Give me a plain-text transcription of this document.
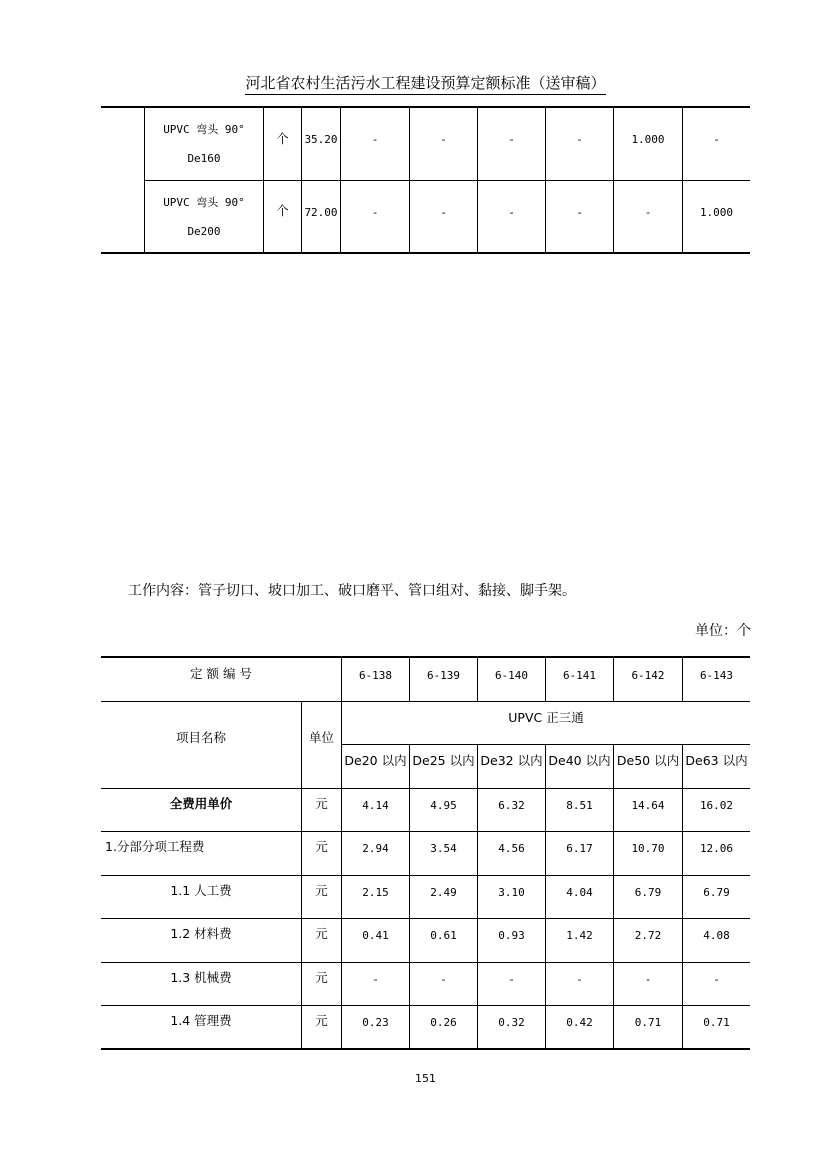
河北省农村生活污水工程建设预算定额标准（送审稿）
UPVC 弯头 90°
De160
个	35.20	-	-	-	-	1.000	-
UPVC 弯头 90°
De200
个	72.00	-	-	-	-	-	1.000
工作内容：管子切口、坡口加工、破口磨平、管口组对、黏接、脚手架。
单位：个
定 额 编 号	6-138	6-139	6-140	6-141	6-142	6-143
项目名称	单位
UPVC 正三通
De20 以内 De25 以内 De32 以内 De40 以内 De50 以内 De63 以内
全费用单价	元	4.14	4.95	6.32	8.51	14.64	16.02
1.分部分项工程费	元	2.94	3.54	4.56	6.17	10.70	12.06
1.1 人工费	元	2.15	2.49	3.10	4.04	6.79	6.79
1.2 材料费	元	0.41	0.61	0.93	1.42	2.72	4.08
1.3 机械费	元	-	-	-	-	-	-
1.4 管理费	元	0.23	0.26	0.32	0.42	0.71	0.71
151
